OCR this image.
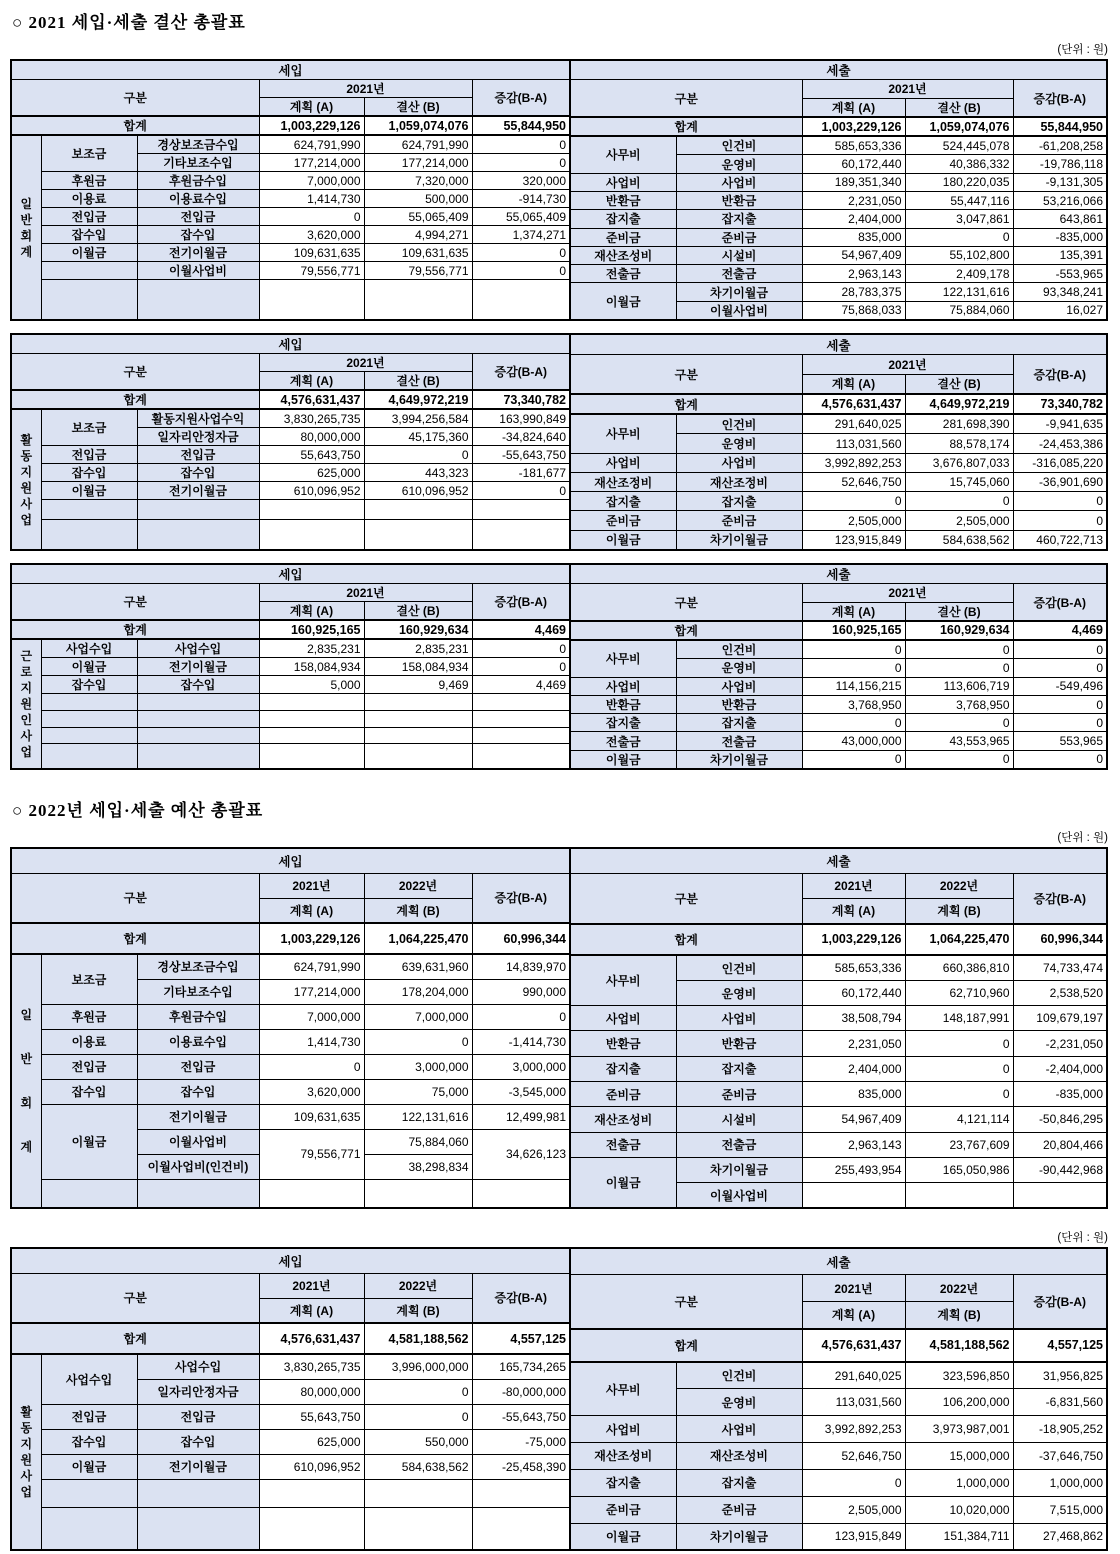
○ 2021 세입·세출 결산 총괄표
(단위 : 원)
세입					
구분			2021년		증감(B-A)
			계획 (A)	결산 (B)	
합계			1,003,229,126	1,059,074,076	55,844,950
일
반
회
계	보조금	경상보조금수입	624,791,990	624,791,990	0
		기타보조수입	177,214,000	177,214,000	0
	후원금	후원금수입	7,000,000	7,320,000	320,000
	이용료	이용료수입	1,414,730	500,000	-914,730
	전입금	전입금	0	55,065,409	55,065,409
	잡수입	잡수입	3,620,000	4,994,271	1,374,271
	이월금	전기이월금	109,631,635	109,631,635	0
		이월사업비	79,556,771	79,556,771	0

세출				
구분		2021년		증감(B-A)
		계획 (A)	결산 (B)	
합계		1,003,229,126	1,059,074,076	55,844,950
사무비	인건비	585,653,336	524,445,078	-61,208,258
	운영비	60,172,440	40,386,332	-19,786,118
사업비	사업비	189,351,340	180,220,035	-9,131,305
반환금	반환금	2,231,050	55,447,116	53,216,066
잡지출	잡지출	2,404,000	3,047,861	643,861
준비금	준비금	835,000	0	-835,000
재산조성비	시설비	54,967,409	55,102,800	135,391
전출금	전출금	2,963,143	2,409,178	-553,965
이월금	차기이월금	28,783,375	122,131,616	93,348,241
	이월사업비	75,868,033	75,884,060	16,027
세입					
구분			2021년		증감(B-A)
			계획 (A)	결산 (B)	
합계			4,576,631,437	4,649,972,219	73,340,782
활
동
지
원
사
업	보조금	활동지원사업수익	3,830,265,735	3,994,256,584	163,990,849
		일자리안정자금	80,000,000	45,175,360	-34,824,640
	전입금	전입금	55,643,750	0	-55,643,750
	잡수입	잡수입	625,000	443,323	-181,677
	이월금	전기이월금	610,096,952	610,096,952	0

세출				
구분		2021년		증감(B-A)
		계획 (A)	결산 (B)	
합계		4,576,631,437	4,649,972,219	73,340,782
사무비	인건비	291,640,025	281,698,390	-9,941,635
	운영비	113,031,560	88,578,174	-24,453,386
사업비	사업비	3,992,892,253	3,676,807,033	-316,085,220
재산조정비	재산조정비	52,646,750	15,745,060	-36,901,690
잡지출	잡지출	0	0	0
준비금	준비금	2,505,000	2,505,000	0
이월금	차기이월금	123,915,849	584,638,562	460,722,713
세입					
구분			2021년		증감(B-A)
			계획 (A)	결산 (B)	
합계			160,925,165	160,929,634	4,469
근
로
지
원
인
사
업	사업수입	사업수입	2,835,231	2,835,231	0
	이월금	전기이월금	158,084,934	158,084,934	0
	잡수입	잡수입	5,000	9,469	4,469

세출				
구분		2021년		증감(B-A)
		계획 (A)	결산 (B)	
합계		160,925,165	160,929,634	4,469
사무비	인건비	0	0	0
	운영비	0	0	0
사업비	사업비	114,156,215	113,606,719	-549,496
반환금	반환금	3,768,950	3,768,950	0
잡지출	잡지출	0	0	0
전출금	전출금	43,000,000	43,553,965	553,965
이월금	차기이월금	0	0	0
○ 2022년 세입·세출 예산 총괄표
(단위 : 원)
세입					
구분			2021년	2022년	증감(B-A)
			계획 (A)	계획 (B)	
합계			1,003,229,126	1,064,225,470	60,996,344
일
반
회
계	보조금	경상보조금수입	624,791,990	639,631,960	14,839,970
		기타보조수입	177,214,000	178,204,000	990,000
	후원금	후원금수입	7,000,000	7,000,000	0
	이용료	이용료수입	1,414,730	0	-1,414,730
	전입금	전입금	0	3,000,000	3,000,000
	잡수입	잡수입	3,620,000	75,000	-3,545,000
	이월금	전기이월금	109,631,635	122,131,616	12,499,981
		이월사업비	79,556,771	75,884,060	34,626,123
		이월사업비(인건비)		38,298,834	

세출				
구분		2021년	2022년	증감(B-A)
		계획 (A)	계획 (B)	
합계		1,003,229,126	1,064,225,470	60,996,344
사무비	인건비	585,653,336	660,386,810	74,733,474
	운영비	60,172,440	62,710,960	2,538,520
사업비	사업비	38,508,794	148,187,991	109,679,197
반환금	반환금	2,231,050	0	-2,231,050
잡지출	잡지출	2,404,000	0	-2,404,000
준비금	준비금	835,000	0	-835,000
재산조성비	시설비	54,967,409	4,121,114	-50,846,295
전출금	전출금	2,963,143	23,767,609	20,804,466
이월금	차기이월금	255,493,954	165,050,986	-90,442,968
	이월사업비			
(단위 : 원)
세입					
구분			2021년	2022년	증감(B-A)
			계획 (A)	계획 (B)	
합계			4,576,631,437	4,581,188,562	4,557,125
활
동
지
원
사
업	사업수입	사업수입	3,830,265,735	3,996,000,000	165,734,265
		일자리안정자금	80,000,000	0	-80,000,000
	전입금	전입금	55,643,750	0	-55,643,750
	잡수입	잡수입	625,000	550,000	-75,000
	이월금	전기이월금	610,096,952	584,638,562	-25,458,390

세출				
구분		2021년	2022년	증감(B-A)
		계획 (A)	계획 (B)	
합계		4,576,631,437	4,581,188,562	4,557,125
사무비	인건비	291,640,025	323,596,850	31,956,825
	운영비	113,031,560	106,200,000	-6,831,560
사업비	사업비	3,992,892,253	3,973,987,001	-18,905,252
재산조성비	재산조성비	52,646,750	15,000,000	-37,646,750
잡지출	잡지출	0	1,000,000	1,000,000
준비금	준비금	2,505,000	10,020,000	7,515,000
이월금	차기이월금	123,915,849	151,384,711	27,468,862
